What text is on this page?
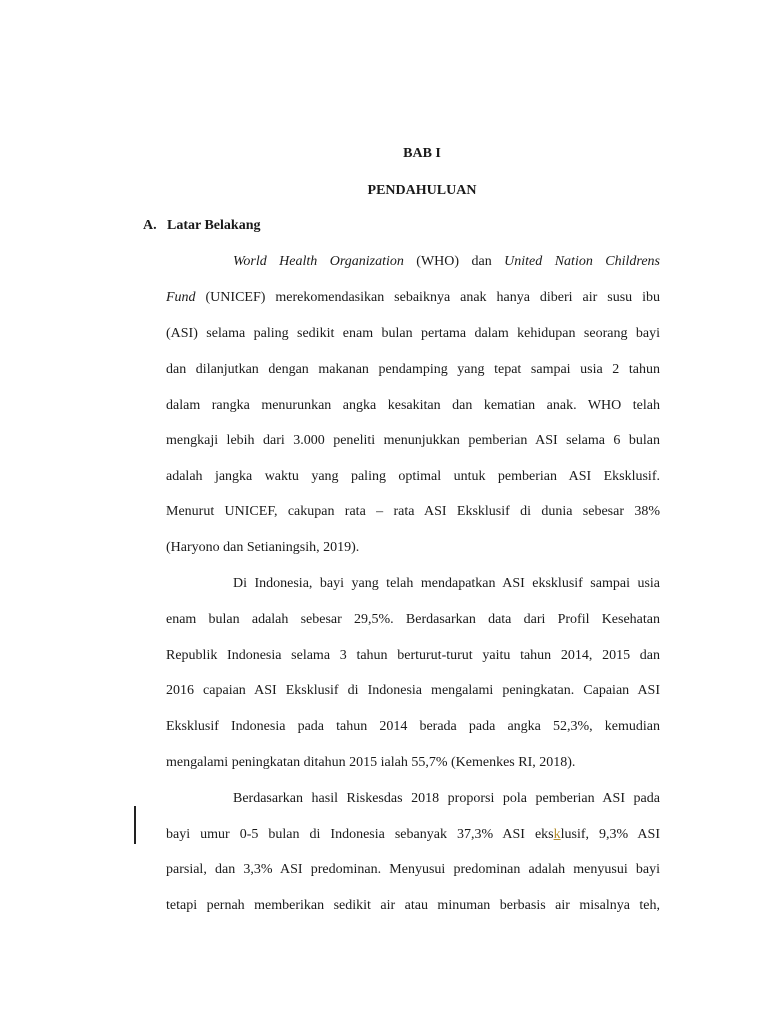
BAB I
PENDAHULUAN
A. Latar Belakang
World Health Organization (WHO) dan United Nation Childrens
Fund (UNICEF) merekomendasikan sebaiknya anak hanya diberi air susu ibu
(ASI) selama paling sedikit enam bulan pertama dalam kehidupan seorang bayi
dan dilanjutkan dengan makanan pendamping yang tepat sampai usia 2 tahun
dalam rangka menurunkan angka kesakitan dan kematian anak. WHO telah
mengkaji lebih dari 3.000 peneliti menunjukkan pemberian ASI selama 6 bulan
adalah jangka waktu yang paling optimal untuk pemberian ASI Eksklusif.
Menurut UNICEF, cakupan rata – rata ASI Eksklusif di dunia sebesar 38%
(Haryono dan Setianingsih, 2019).
Di Indonesia, bayi yang telah mendapatkan ASI eksklusif sampai usia
enam bulan adalah sebesar 29,5%. Berdasarkan data dari Profil Kesehatan
Republik Indonesia selama 3 tahun berturut-turut yaitu tahun 2014, 2015 dan
2016 capaian ASI Eksklusif di Indonesia mengalami peningkatan. Capaian ASI
Eksklusif Indonesia pada tahun 2014 berada pada angka 52,3%, kemudian
mengalami peningkatan ditahun 2015 ialah 55,7% (Kemenkes RI, 2018).
Berdasarkan hasil Riskesdas 2018 proporsi pola pemberian ASI pada
bayi umur 0-5 bulan di Indonesia sebanyak 37,3% ASI eksklusif, 9,3% ASI
parsial, dan 3,3% ASI predominan. Menyusui predominan adalah menyusui bayi
tetapi pernah memberikan sedikit air atau minuman berbasis air misalnya teh,
